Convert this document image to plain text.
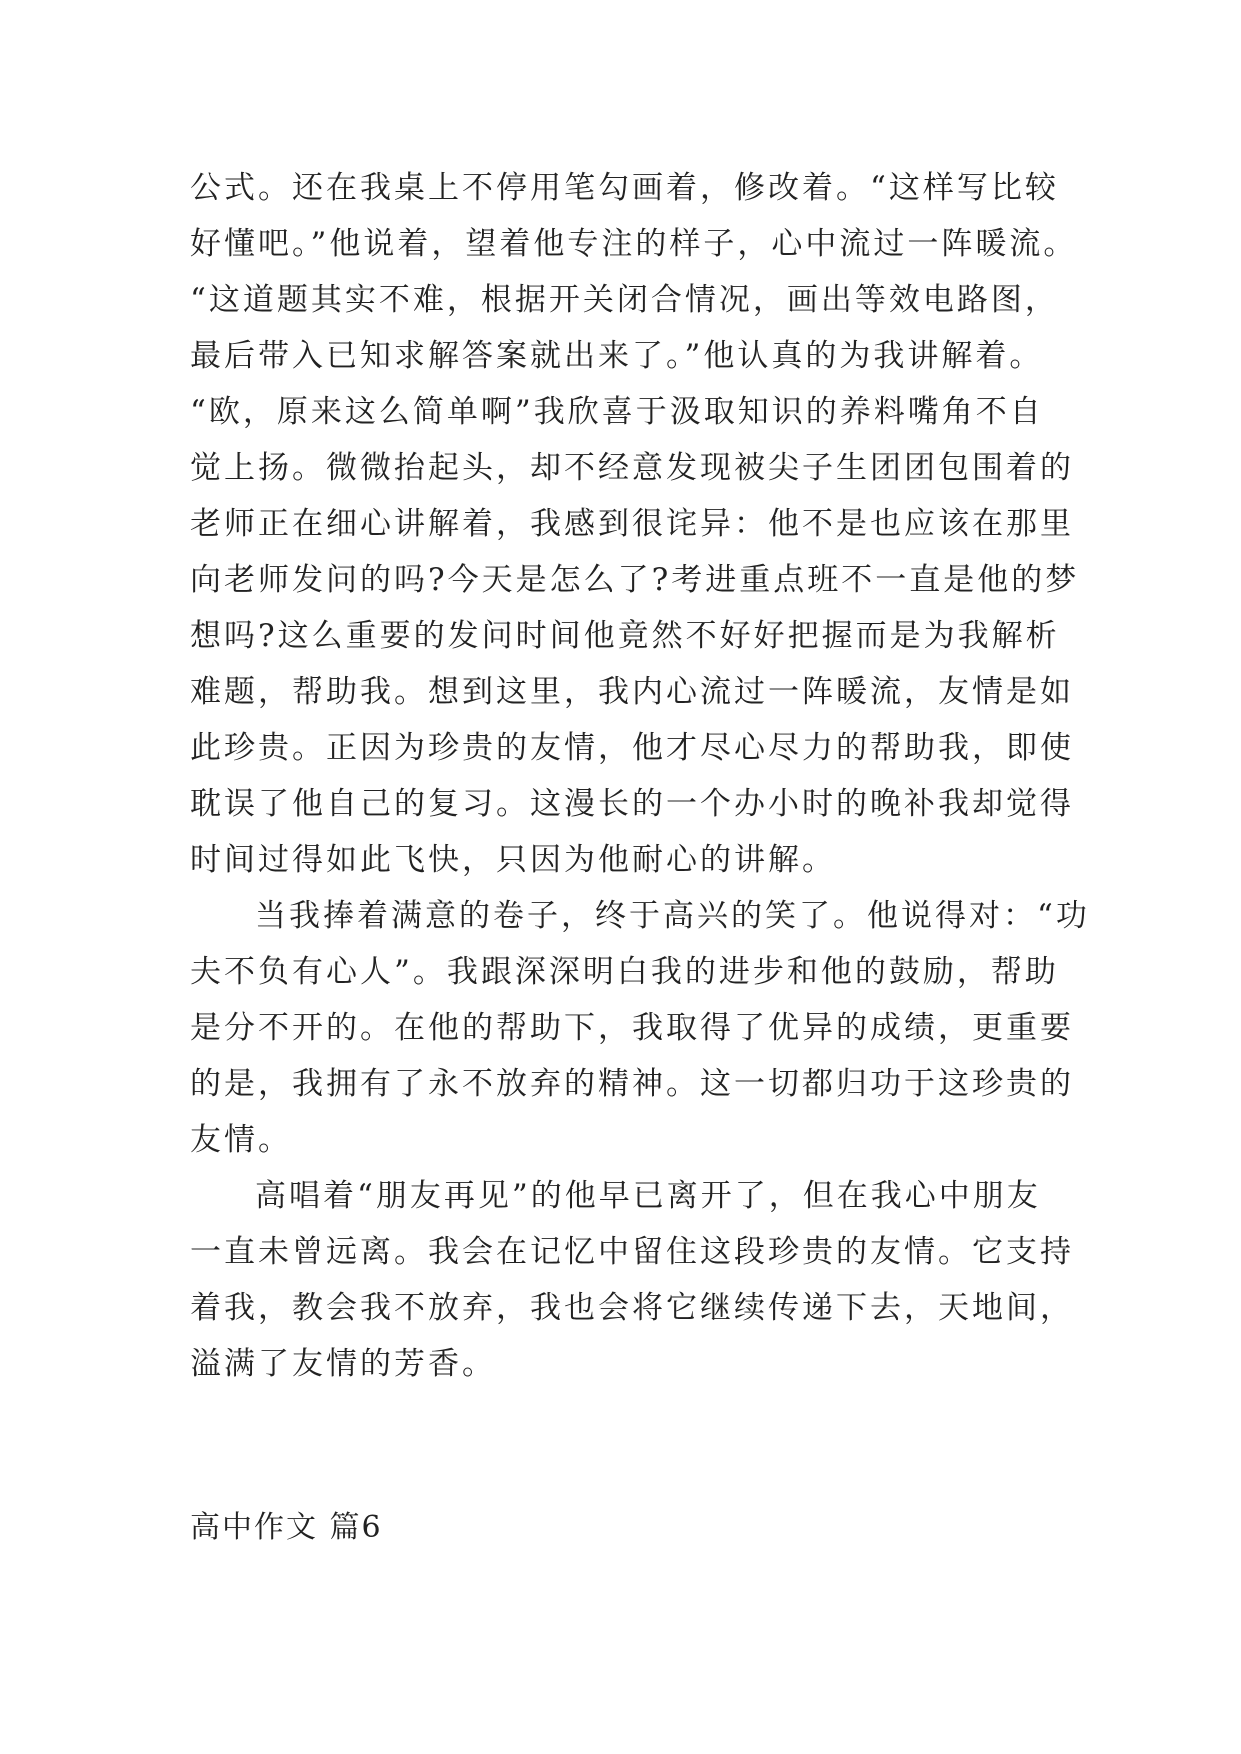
公式。还在我桌上不停用笔勾画着，修改着。“这样写比较
好懂吧。”他说着，望着他专注的样子，心中流过一阵暖流。
“这道题其实不难，根据开关闭合情况，画出等效电路图，
最后带入已知求解答案就出来了。”他认真的为我讲解着。
“欧，原来这么简单啊”我欣喜于汲取知识的养料嘴角不自
觉上扬。微微抬起头，却不经意发现被尖子生团团包围着的
老师正在细心讲解着，我感到很诧异：他不是也应该在那里
向老师发问的吗?今天是怎么了?考进重点班不一直是他的梦
想吗?这么重要的发问时间他竟然不好好把握而是为我解析
难题，帮助我。想到这里，我内心流过一阵暖流，友情是如
此珍贵。正因为珍贵的友情，他才尽心尽力的帮助我，即使
耽误了他自己的复习。这漫长的一个办小时的晚补我却觉得
时间过得如此飞快，只因为他耐心的讲解。
当我捧着满意的卷子，终于高兴的笑了。他说得对：“功
夫不负有心人”。我跟深深明白我的进步和他的鼓励，帮助
是分不开的。在他的帮助下，我取得了优异的成绩，更重要
的是，我拥有了永不放弃的精神。这一切都归功于这珍贵的
友情。
高唱着“朋友再见”的他早已离开了，但在我心中朋友
一直未曾远离。我会在记忆中留住这段珍贵的友情。它支持
着我，教会我不放弃，我也会将它继续传递下去，天地间，
溢满了友情的芳香。
高中作文 篇6
